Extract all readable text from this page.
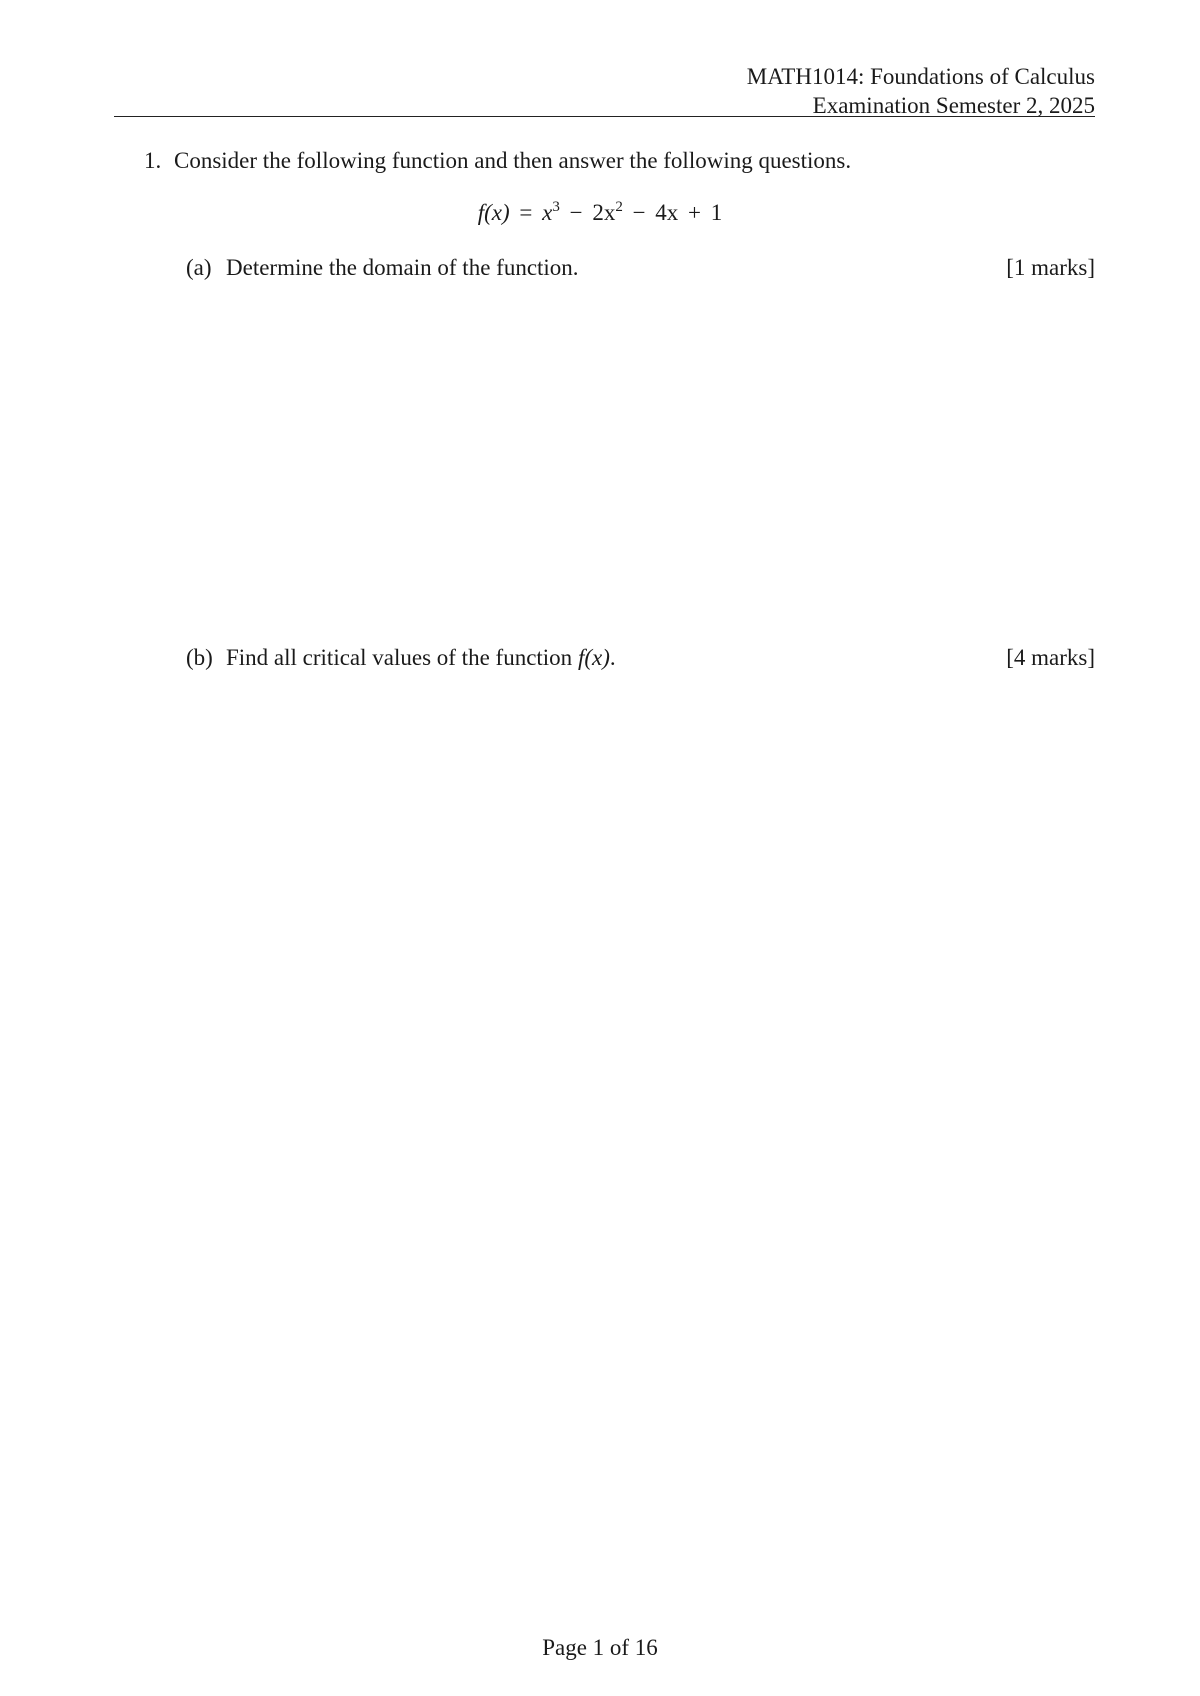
MATH1014: Foundations of Calculus
Examination Semester 2, 2025
1. Consider the following function and then answer the following questions.
$f(x) = x^3 - 2x^2 - 4x + 1$
(a) Determine the domain of the function.	[1 marks]
(b) Find all critical values of the function f(x).	[4 marks]
Page 1 of 16
